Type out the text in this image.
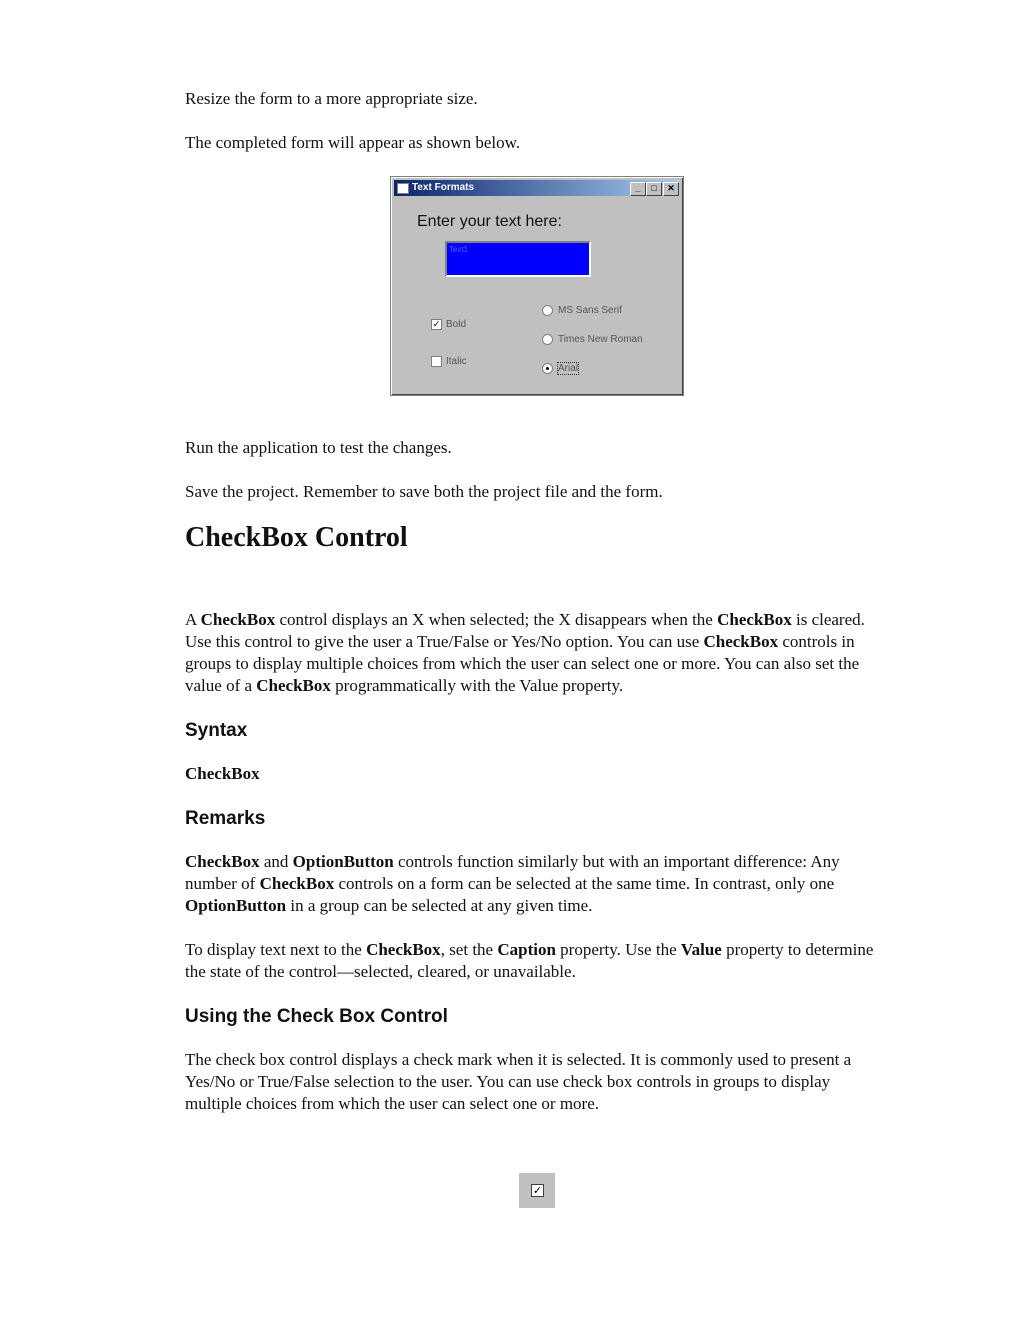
Resize the form to a more appropriate size.

The completed form will appear as shown below.

Text Formats	_	□	✕
Enter your text here:
Text1
✓ Bold
Italic
MS Sans Serif
Times New Roman
Arial

Run the application to test the changes.

Save the project. Remember to save both the project file and the form.

CheckBox Control

A CheckBox control displays an X when selected; the X disappears when the CheckBox is cleared. Use this control to give the user a True/False or Yes/No option. You can use CheckBox controls in groups to display multiple choices from which the user can select one or more. You can also set the value of a CheckBox programmatically with the Value property.

Syntax

CheckBox

Remarks

CheckBox and OptionButton controls function similarly but with an important difference: Any number of CheckBox controls on a form can be selected at the same time. In contrast, only one OptionButton in a group can be selected at any given time.

To display text next to the CheckBox, set the Caption property. Use the Value property to determine the state of the control—selected, cleared, or unavailable.

Using the Check Box Control

The check box control displays a check mark when it is selected. It is commonly used to present a Yes/No or True/False selection to the user. You can use check box controls in groups to display multiple choices from which the user can select one or more.

✓
